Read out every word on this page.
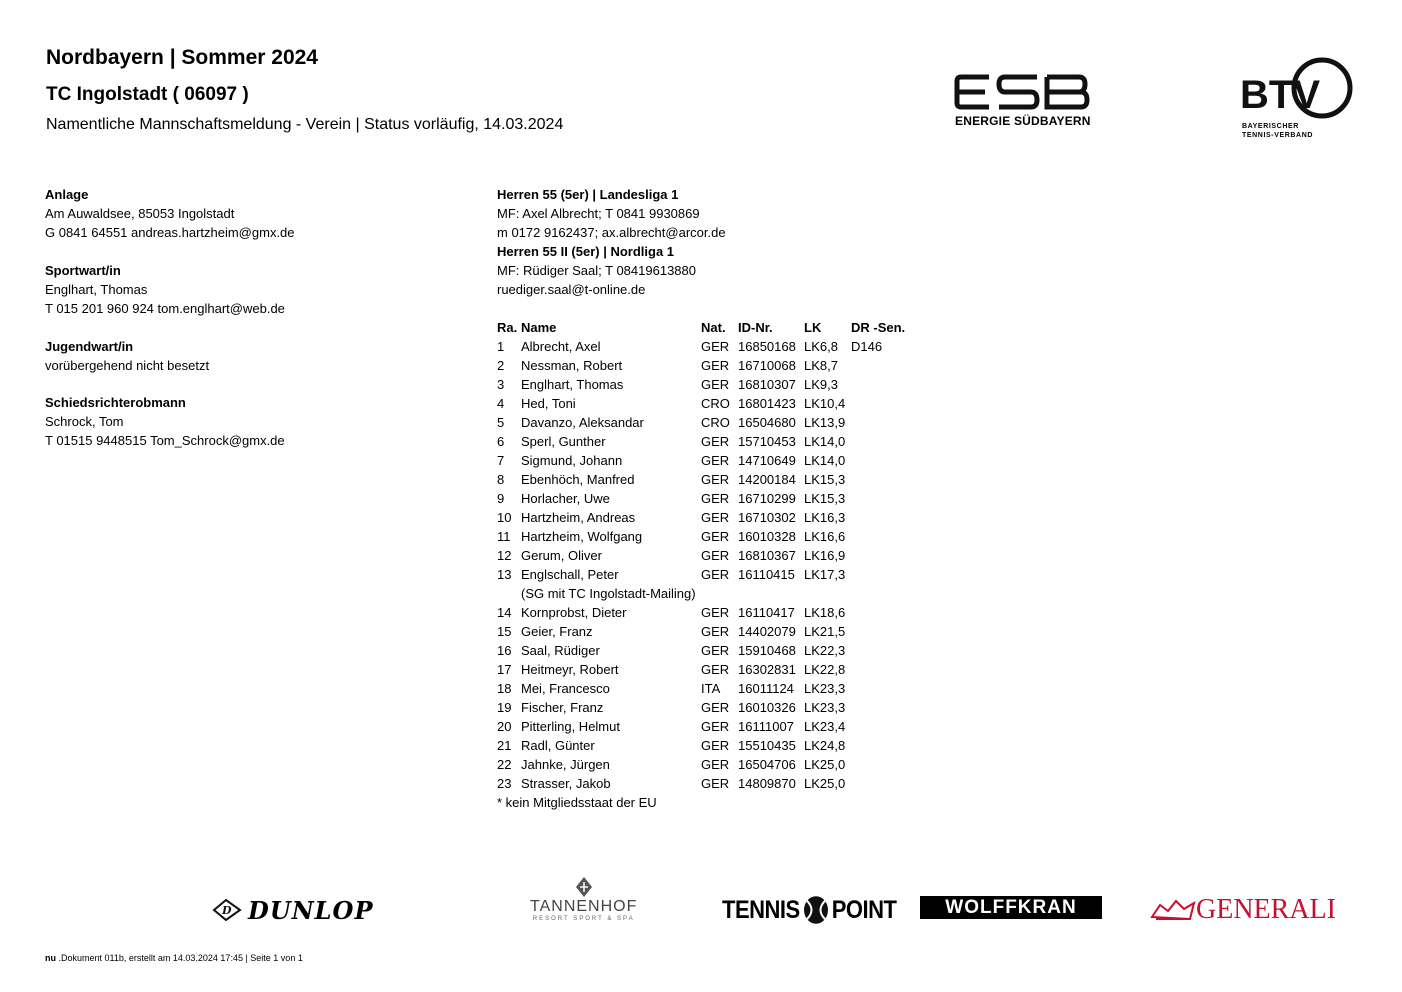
Nordbayern | Sommer 2024
TC Ingolstadt ( 06097 )
Namentliche Mannschaftsmeldung - Verein | Status vorläufig, 14.03.2024	ENERGIE SÜDBAYERN
BTV
BAYERISCHER
TENNIS-VERBAND
Anlage
Am Auwaldsee, 85053 Ingolstadt
G 0841 64551 andreas.hartzheim@gmx.de
Sportwart/in
Englhart, Thomas
T 015 201 960 924 tom.englhart@web.de
Jugendwart/in
vorübergehend nicht besetzt
Schiedsrichterobmann
Schrock, Tom
T 01515 9448515 Tom_Schrock@gmx.de
Herren 55 (5er) | Landesliga 1
MF: Axel Albrecht; T 0841 9930869
m 0172 9162437; ax.albrecht@arcor.de
Herren 55 II (5er) | Nordliga 1
MF: Rüdiger Saal; T 08419613880
ruediger.saal@t-online.de
Ra. Name	Nat. ID-Nr. LK DR -Sen.
1 Albrecht, Axel	GER 16850168 LK6,8 D146
2 Nessman, Robert	GER 16710068 LK8,7
3 Englhart, Thomas	GER 16810307 LK9,3
4 Hed, Toni	CRO 16801423 LK10,4
5 Davanzo, Aleksandar	CRO 16504680 LK13,9
6 Sperl, Gunther	GER 15710453 LK14,0
7 Sigmund, Johann	GER 14710649 LK14,0
8 Ebenhöch, Manfred	GER 14200184 LK15,3
9 Horlacher, Uwe	GER 16710299 LK15,3
10 Hartzheim, Andreas	GER 16710302 LK16,3
11 Hartzheim, Wolfgang	GER 16010328 LK16,6
12 Gerum, Oliver	GER 16810367 LK16,9
13 Englschall, Peter	GER 16110415 LK17,3
(SG mit TC Ingolstadt-Mailing)
14 Kornprobst, Dieter	GER 16110417 LK18,6
15 Geier, Franz	GER 14402079 LK21,5
16 Saal, Rüdiger	GER 15910468 LK22,3
17 Heitmeyr, Robert	GER 16302831 LK22,8
18 Mei, Francesco	ITA 16011124 LK23,3
19 Fischer, Franz	GER 16010326 LK23,3
20 Pitterling, Helmut	GER 16111007 LK23,4
21 Radl, Günter	GER 15510435 LK24,8
22 Jahnke, Jürgen	GER 16504706 LK25,0
23 Strasser, Jakob	GER 14809870 LK25,0
* kein Mitgliedsstaat der EU
D DUNLOP	TANNENHOF
RESORT SPORT & SPA	TENNIS POINT	WOLFFKRAN	GENERALI
nu .Dokument 011b, erstellt am 14.03.2024 17:45 | Seite 1 von 1
